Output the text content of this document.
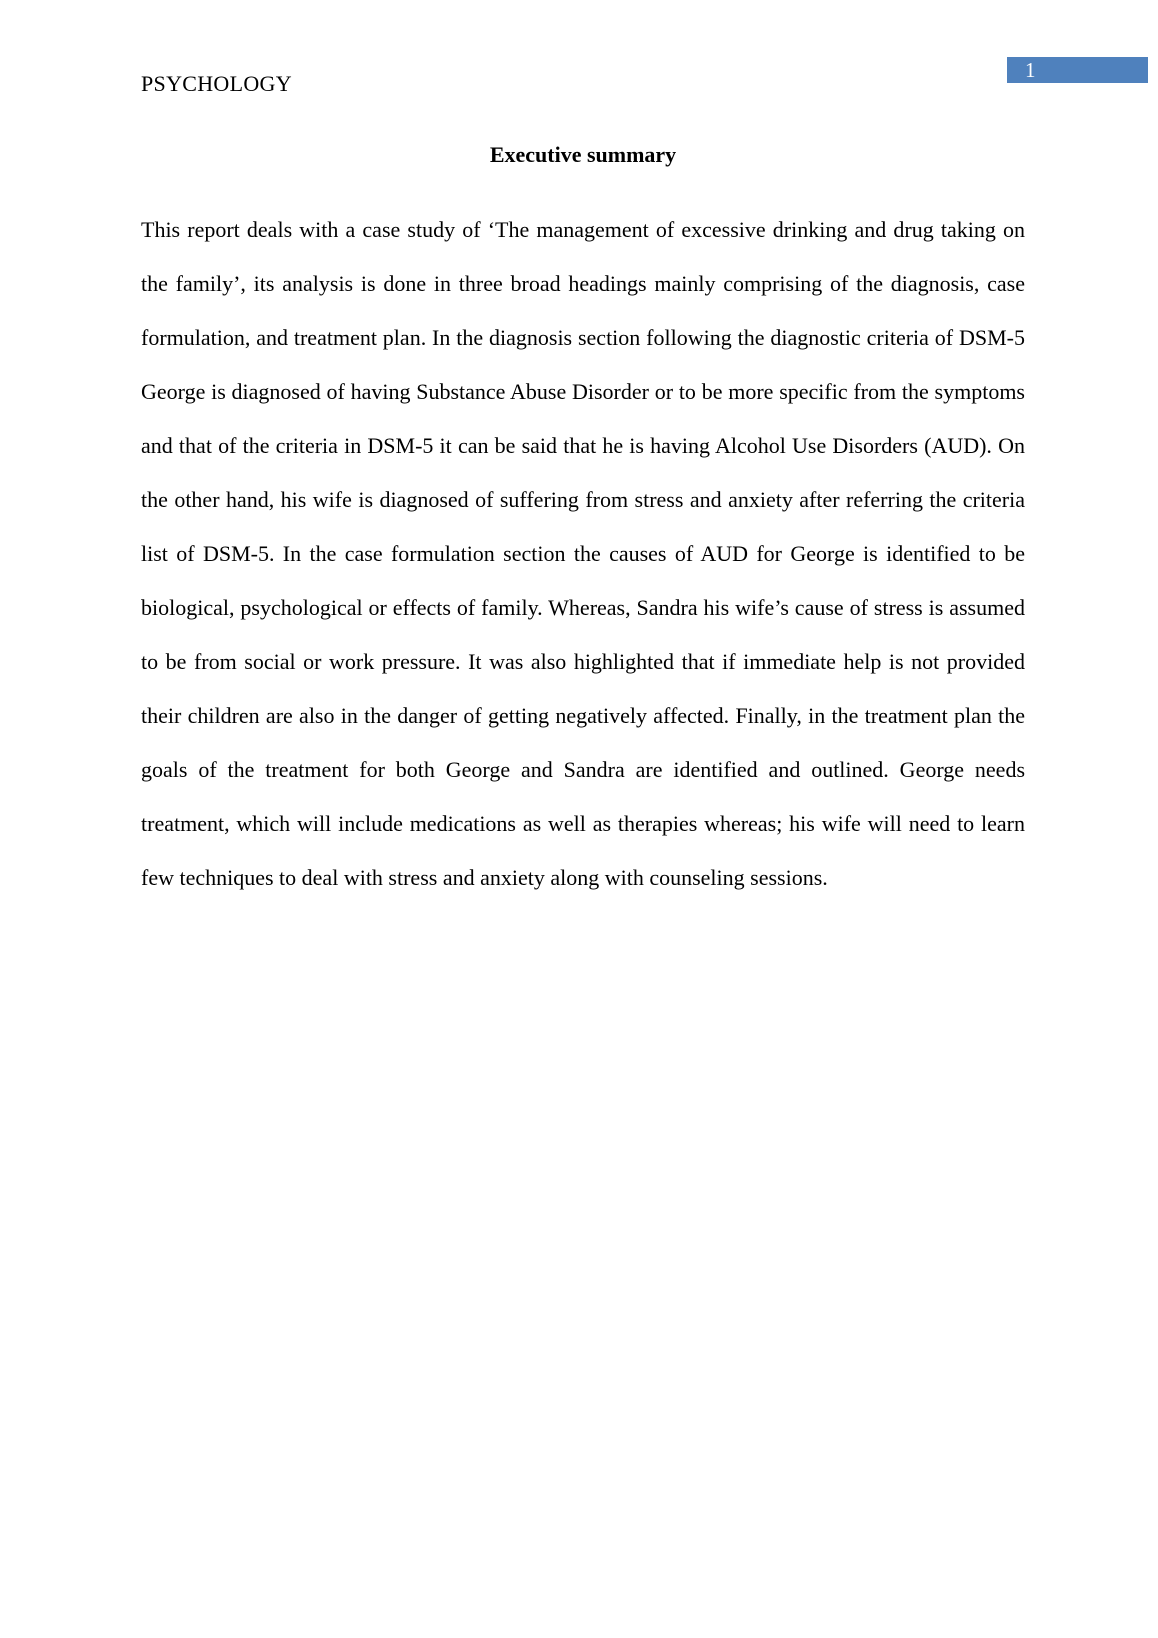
PSYCHOLOGY
1
Executive summary

This report deals with a case study of ‘The management of excessive drinking and drug taking on the family’, its analysis is done in three broad headings mainly comprising of the diagnosis, case formulation, and treatment plan. In the diagnosis section following the diagnostic criteria of DSM-5 George is diagnosed of having Substance Abuse Disorder or to be more specific from the symptoms and that of the criteria in DSM-5 it can be said that he is having Alcohol Use Disorders (AUD). On the other hand, his wife is diagnosed of suffering from stress and anxiety after referring the criteria list of DSM-5. In the case formulation section the causes of AUD for George is identified to be biological, psychological or effects of family. Whereas, Sandra his wife’s cause of stress is assumed to be from social or work pressure. It was also highlighted that if immediate help is not provided their children are also in the danger of getting negatively affected. Finally, in the treatment plan the goals of the treatment for both George and Sandra are identified and outlined. George needs treatment, which will include medications as well as therapies whereas; his wife will need to learn few techniques to deal with stress and anxiety along with counseling sessions.
